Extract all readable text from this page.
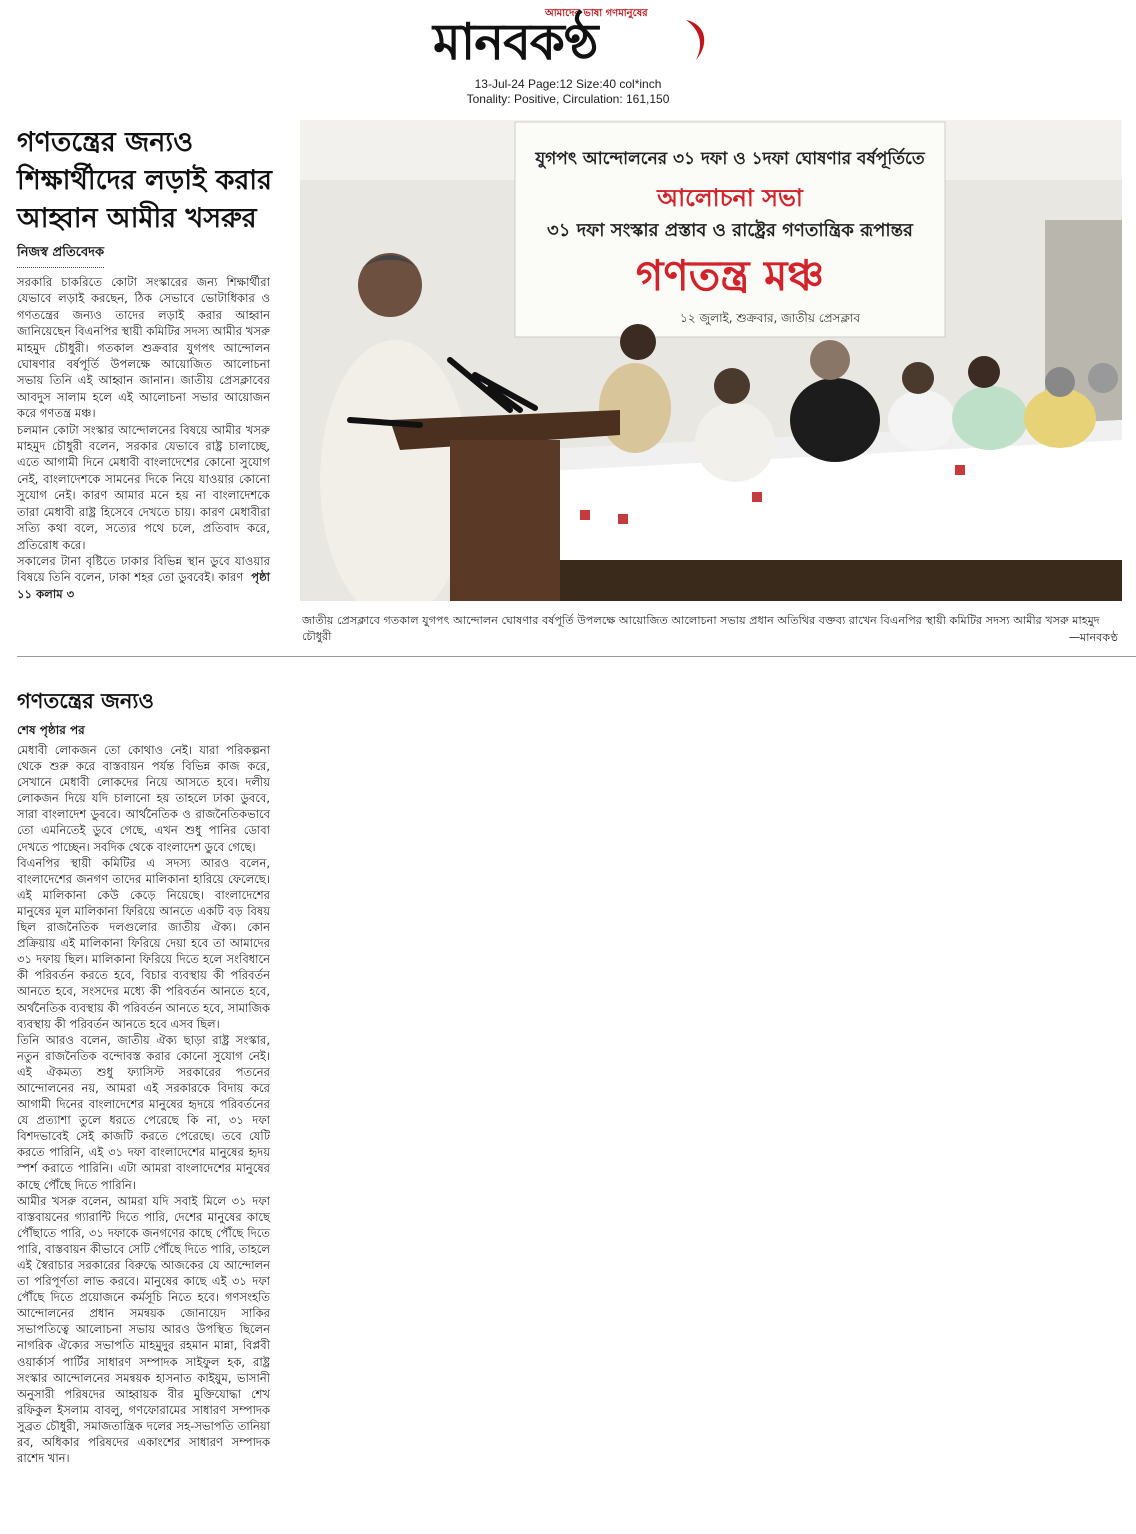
আমাদের ভাষা গণমানুষের
মানবকণ্ঠ
13-Jul-24 Page:12 Size:40 col*inch
Tonality: Positive, Circulation: 161,150
গণতন্ত্রের জন্যও শিক্ষার্থীদের লড়াই করার আহ্বান আমীর খসরুর
নিজস্ব প্রতিবেদক

সরকারি চাকরিতে কোটা সংস্কারের জন্য শিক্ষার্থীরা যেভাবে লড়াই করছেন, ঠিক সেভাবে ভোটাধিকার ও গণতন্ত্রের জন্যও তাদের লড়াই করার আহ্বান জানিয়েছেন বিএনপির স্থায়ী কমিটির সদস্য আমীর খসরু মাহমুদ চৌধুরী। গতকাল শুক্রবার যুগপৎ আন্দোলন ঘোষণার বর্ষপূর্তি উপলক্ষে আয়োজিত আলোচনা সভায় তিনি এই আহ্বান জানান। জাতীয় প্রেসক্লাবের আবদুস সালাম হলে এই আলোচনা সভার আয়োজন করে গণতন্ত্র মঞ্চ।

চলমান কোটা সংস্কার আন্দোলনের বিষয়ে আমীর খসরু মাহমুদ চৌধুরী বলেন, সরকার যেভাবে রাষ্ট্র চালাচ্ছে, এতে আগামী দিনে মেধাবী বাংলাদেশের কোনো সুযোগ নেই, বাংলাদেশকে সামনের দিকে নিয়ে যাওয়ার কোনো সুযোগ নেই। কারণ আমার মনে হয় না বাংলাদেশকে তারা মেধাবী রাষ্ট্র হিসেবে দেখতে চায়। কারণ মেধাবীরা সত্যি কথা বলে, সত্যের পথে চলে, প্রতিবাদ করে, প্রতিরোধ করে।

সকালের টানা বৃষ্টিতে ঢাকার বিভিন্ন স্থান ডুবে যাওয়ার বিষয়ে তিনি বলেন, ঢাকা শহর তো ডুববেই। কারণ পৃষ্ঠা ১১ কলাম ৩

যুগপৎ আন্দোলনের ৩১ দফা ও ১দফা ঘোষণার বর্ষপূর্তিতে
আলোচনা সভা
৩১ দফা সংস্কার প্রস্তাব ও রাষ্ট্রের গণতান্ত্রিক রূপান্তর
গণতন্ত্র মঞ্চ
১২ জুলাই, শুক্রবার, জাতীয় প্রেসক্লাব
জাতীয় প্রেসক্লাবে গতকাল যুগপৎ আন্দোলন ঘোষণার বর্ষপূর্তি উপলক্ষে আয়োজিত আলোচনা সভায় প্রধান অতিথির বক্তব্য রাখেন বিএনপির স্থায়ী কমিটির সদস্য আমীর খসরু মাহমুদ চৌধুরী	—মানবকণ্ঠ
গণতন্ত্রের জন্যও
শেষ পৃষ্ঠার পর

মেধাবী লোকজন তো কোথাও নেই। যারা পরিকল্পনা থেকে শুরু করে বাস্তবায়ন পর্যন্ত বিভিন্ন কাজ করে, সেখানে মেধাবী লোকদের নিয়ে আসতে হবে। দলীয় লোকজন দিয়ে যদি চালানো হয় তাহলে ঢাকা ডুববে, সারা বাংলাদেশ ডুববে। আর্থনৈতিক ও রাজনৈতিকভাবে তো এমনিতেই ডুবে গেছে, এখন শুধু পানির ডোবা দেখতে পাচ্ছেন। সবদিক থেকে বাংলাদেশ ডুবে গেছে।

বিএনপির স্থায়ী কমিটির এ সদস্য আরও বলেন, বাংলাদেশের জনগণ তাদের মালিকানা হারিয়ে ফেলেছে। এই মালিকানা কেউ কেড়ে নিয়েছে। বাংলাদেশের মানুষের মূল মালিকানা ফিরিয়ে আনতে একটি বড় বিষয় ছিল রাজনৈতিক দলগুলোর জাতীয় ঐক্য। কোন প্রক্রিয়ায় এই মালিকানা ফিরিয়ে দেয়া হবে তা আমাদের ৩১ দফায় ছিল। মালিকানা ফিরিয়ে দিতে হলে সংবিধানে কী পরিবর্তন করতে হবে, বিচার ব্যবস্থায় কী পরিবর্তন আনতে হবে, সংসদের মধ্যে কী পরিবর্তন আনতে হবে, অর্থনৈতিক ব্যবস্থায় কী পরিবর্তন আনতে হবে, সামাজিক ব্যবস্থায় কী পরিবর্তন আনতে হবে এসব ছিল।

তিনি আরও বলেন, জাতীয় ঐক্য ছাড়া রাষ্ট্র সংস্কার, নতুন রাজনৈতিক বন্দোবস্ত করার কোনো সুযোগ নেই। এই ঐকমত্য শুধু ফ্যাসিস্ট সরকারের পতনের আন্দোলনের নয়, আমরা এই সরকারকে বিদায় করে আগামী দিনের বাংলাদেশের মানুষের হৃদয়ে পরিবর্তনের যে প্রত্যাশা তুলে ধরতে পেরেছে কি না, ৩১ দফা বিশদভাবেই সেই কাজটি করতে পেরেছে। তবে যেটি করতে পারিনি, এই ৩১ দফা বাংলাদেশের মানুষের হৃদয় স্পর্শ করাতে পারিনি। এটা আমরা বাংলাদেশের মানুষের কাছে পৌঁছে দিতে পারিনি।

আমীর খসরু বলেন, আমরা যদি সবাই মিলে ৩১ দফা বাস্তবায়নের গ্যারান্টি দিতে পারি, দেশের মানুষের কাছে পৌঁছাতে পারি, ৩১ দফাকে জনগণের কাছে পৌঁছে দিতে পারি, বাস্তবায়ন কীভাবে সেটি পৌঁছে দিতে পারি, তাহলে এই স্বৈরাচার সরকারের বিরুদ্ধে আজকের যে আন্দোলন তা পরিপূর্ণতা লাভ করবে। মানুষের কাছে এই ৩১ দফা পৌঁছে দিতে প্রয়োজনে কর্মসূচি নিতে হবে। গণসংহতি আন্দোলনের প্রধান সমন্বয়ক জোনায়েদ সাকির সভাপতিত্বে আলোচনা সভায় আরও উপস্থিত ছিলেন নাগরিক ঐক্যের সভাপতি মাহমুদুর রহমান মান্না, বিপ্লবী ওয়ার্কার্স পার্টির সাধারণ সম্পাদক সাইফুল হক, রাষ্ট্র সংস্কার আন্দোলনের সমন্বয়ক হাসনাত কাইয়ুম, ভাসানী অনুসারী পরিষদের আহ্বায়ক বীর মুক্তিযোদ্ধা শেখ রফিকুল ইসলাম বাবলু, গণফোরামের সাধারণ সম্পাদক সুব্রত চৌধুরী, সমাজতান্ত্রিক দলের সহ-সভাপতি তানিয়া রব, অধিকার পরিষদের একাংশের সাধারণ সম্পাদক রাশেদ খান।
